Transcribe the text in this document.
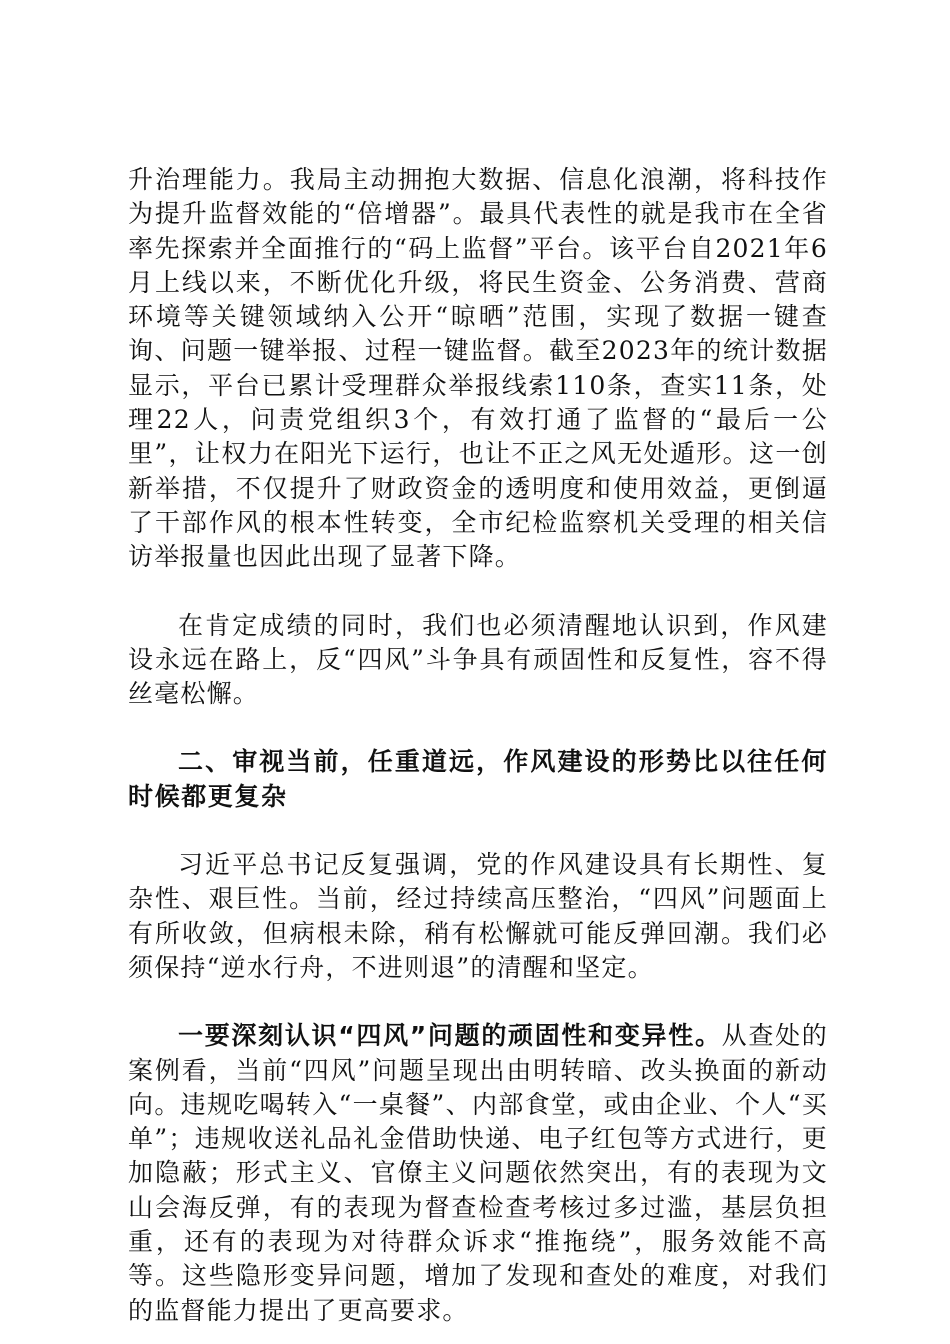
升治理能力。我局主动拥抱大数据、信息化浪潮，将科技作为提升监督效能的“倍增器”。最具代表性的就是我市在全省率先探索并全面推行的“码上监督”平台。该平台自2021年6月上线以来，不断优化升级，将民生资金、公务消费、营商环境等关键领域纳入公开“晾晒”范围，实现了数据一键查询、问题一键举报、过程一键监督。截至2023年的统计数据显示，平台已累计受理群众举报线索110条，查实11条，处理22人，问责党组织3个，有效打通了监督的“最后一公里”，让权力在阳光下运行，也让不正之风无处遁形。这一创新举措，不仅提升了财政资金的透明度和使用效益，更倒逼了干部作风的根本性转变，全市纪检监察机关受理的相关信访举报量也因此出现了显著下降。

在肯定成绩的同时，我们也必须清醒地认识到，作风建设永远在路上，反“四风”斗争具有顽固性和反复性，容不得丝毫松懈。

二、审视当前，任重道远，作风建设的形势比以往任何时候都更复杂

习近平总书记反复强调，党的作风建设具有长期性、复杂性、艰巨性。当前，经过持续高压整治，“四风”问题面上有所收敛，但病根未除，稍有松懈就可能反弹回潮。我们必须保持“逆水行舟，不进则退”的清醒和坚定。

一要深刻认识“四风”问题的顽固性和变异性。从查处的案例看，当前“四风”问题呈现出由明转暗、改头换面的新动向。违规吃喝转入“一桌餐”、内部食堂，或由企业、个人“买单”；违规收送礼品礼金借助快递、电子红包等方式进行，更加隐蔽；形式主义、官僚主义问题依然突出，有的表现为文山会海反弹，有的表现为督查检查考核过多过滥，基层负担重，还有的表现为对待群众诉求“推拖绕”，服务效能不高等。这些隐形变异问题，增加了发现和查处的难度，对我们的监督能力提出了更高要求。
